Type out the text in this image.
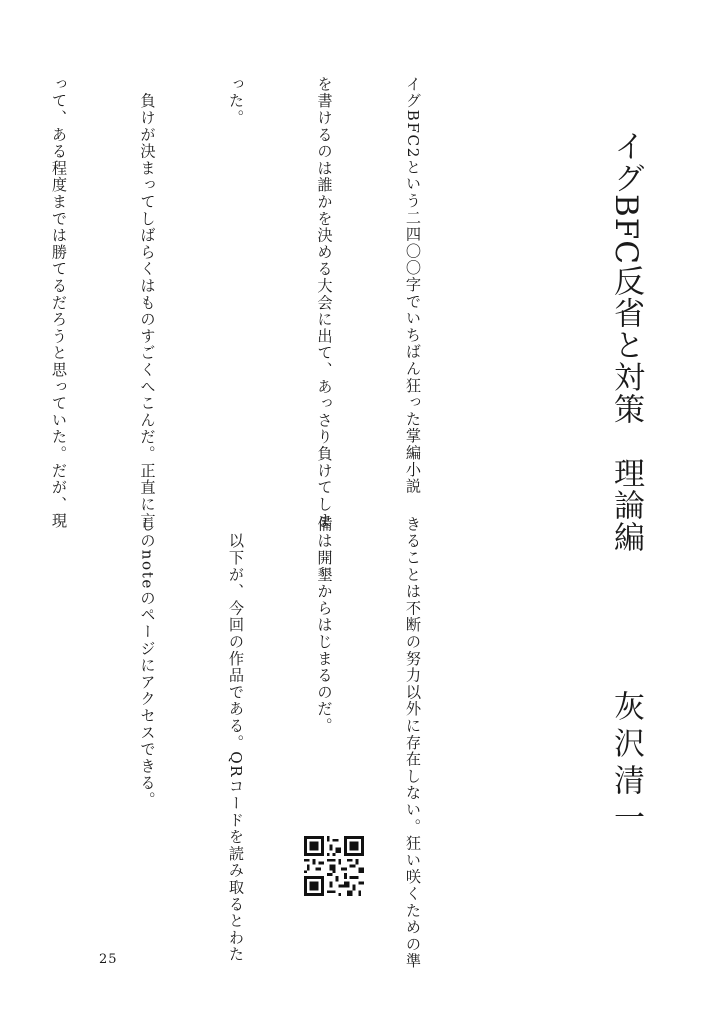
イグBFC反省と対策　理論編
灰沢清一

イグBFC2という二四〇〇字でいちばん狂った掌編小説

を書けるのは誰かを決める大会に出て、あっさり負けてしま

った。

　負けが決まってしばらくはものすごくへこんだ。正直に言

って、ある程度までは勝てるだろうと思っていた。だが、現

きることは不断の努力以外に存在しない。狂い咲くための準

備は開墾からはじまるのだ。

　以下が、今回の作品である。QRコードを読み取るとわた

しのnoteのページにアクセスできる。

25
